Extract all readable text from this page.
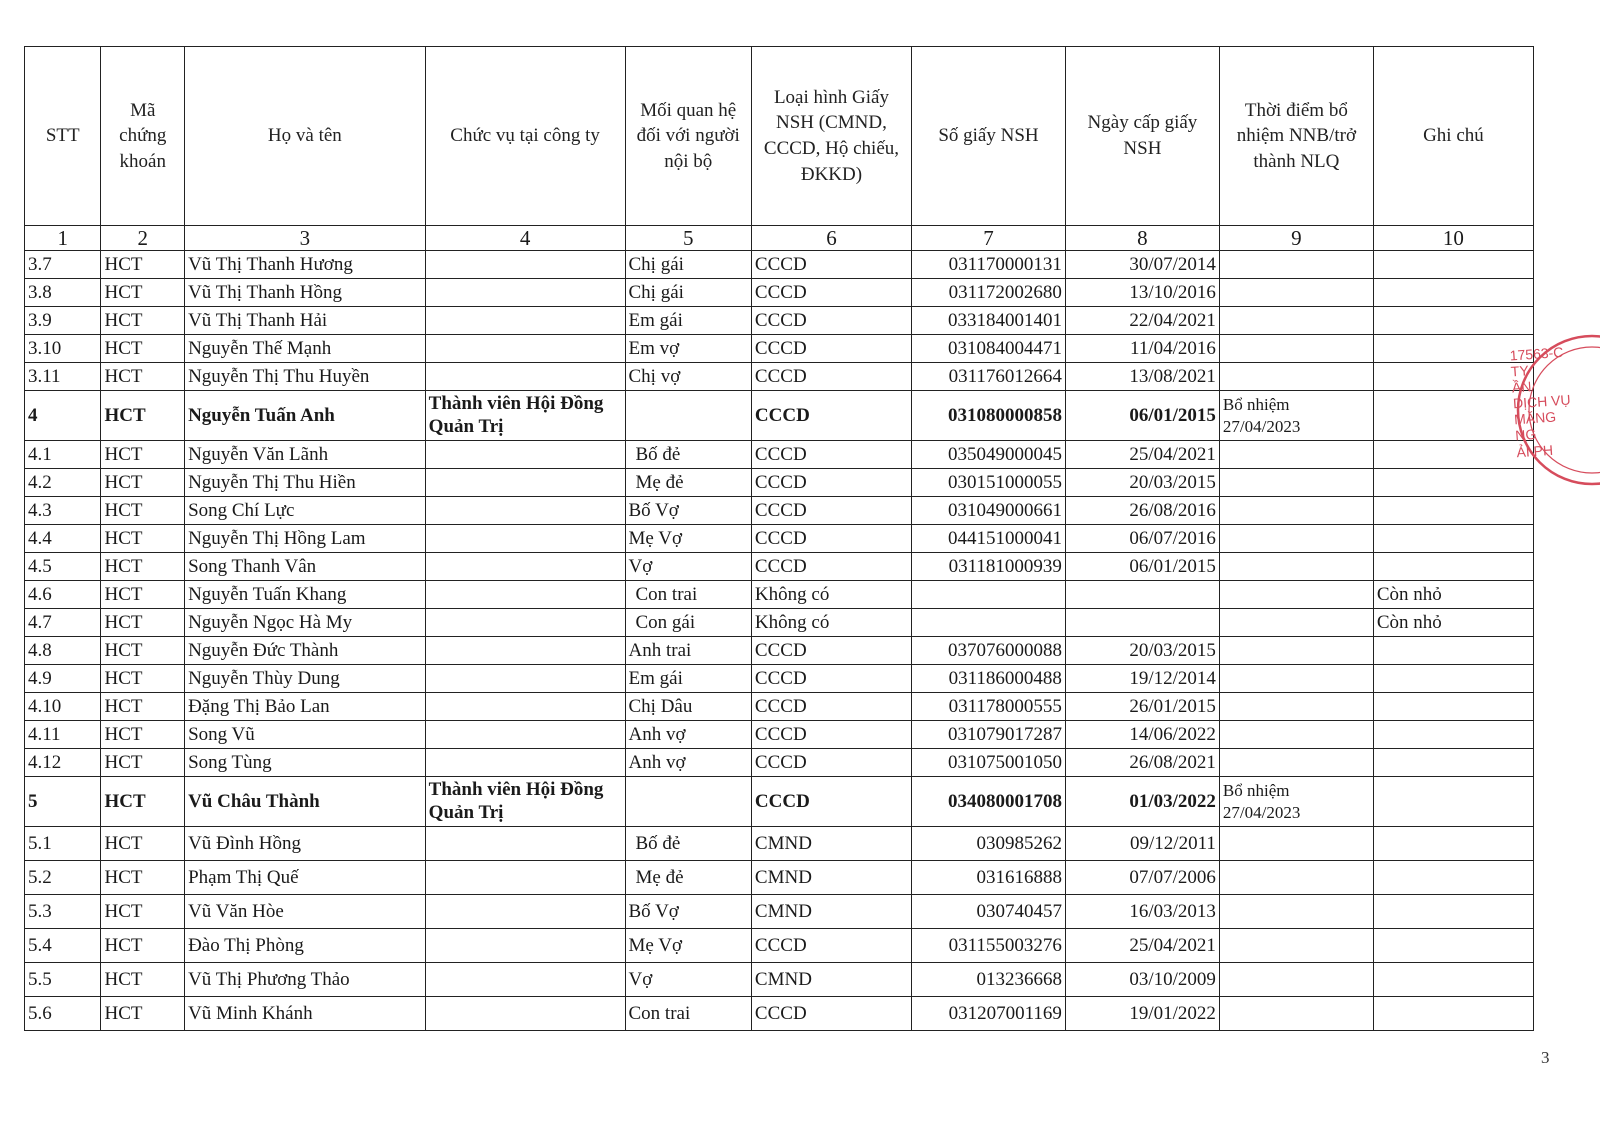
STT	Mã chứng khoán	Họ và tên	Chức vụ tại công ty	Mối quan hệ đối với người nội bộ	Loại hình Giấy NSH (CMND, CCCD, Hộ chiếu, ĐKKD)	Số giấy NSH	Ngày cấp giấy NSH	Thời điểm bổ nhiệm NNB/trở thành NLQ	Ghi chú
1	2	3	4	5	6	7	8	9	10
3.7	HCT	Vũ Thị Thanh Hương		Chị gái	CCCD	031170000131	30/07/2014		
3.8	HCT	Vũ Thị Thanh Hồng		Chị gái	CCCD	031172002680	13/10/2016		
3.9	HCT	Vũ Thị Thanh Hải		Em gái	CCCD	033184001401	22/04/2021		
3.10	HCT	Nguyễn Thế Mạnh		Em vợ	CCCD	031084004471	11/04/2016		
3.11	HCT	Nguyễn Thị Thu Huyền		Chị vợ	CCCD	031176012664	13/08/2021		
4	HCT	Nguyễn Tuấn Anh	Thành viên Hội Đồng Quản Trị		CCCD	031080000858	06/01/2015	Bổ nhiệm 27/04/2023	
4.1	HCT	Nguyễn Văn Lãnh		Bố đẻ	CCCD	035049000045	25/04/2021		
4.2	HCT	Nguyễn Thị Thu Hiền		Mẹ đẻ	CCCD	030151000055	20/03/2015		
4.3	HCT	Song Chí Lực		Bố Vợ	CCCD	031049000661	26/08/2016		
4.4	HCT	Nguyễn Thị Hồng Lam		Mẹ Vợ	CCCD	044151000041	06/07/2016		
4.5	HCT	Song Thanh Vân		Vợ	CCCD	031181000939	06/01/2015		
4.6	HCT	Nguyễn Tuấn Khang		Con trai	Không có				Còn nhỏ
4.7	HCT	Nguyễn Ngọc Hà My		Con gái	Không có				Còn nhỏ
4.8	HCT	Nguyễn Đức Thành		Anh trai	CCCD	037076000088	20/03/2015		
4.9	HCT	Nguyễn Thùy Dung		Em gái	CCCD	031186000488	19/12/2014		
4.10	HCT	Đặng Thị Bảo Lan		Chị Dâu	CCCD	031178000555	26/01/2015		
4.11	HCT	Song Vũ		Anh vợ	CCCD	031079017287	14/06/2022		
4.12	HCT	Song Tùng		Anh vợ	CCCD	031075001050	26/08/2021		
5	HCT	Vũ Châu Thành	Thành viên Hội Đồng Quản Trị		CCCD	034080001708	01/03/2022	Bổ nhiệm 27/04/2023	
5.1	HCT	Vũ Đình Hồng		Bố đẻ	CMND	030985262	09/12/2011		
5.2	HCT	Phạm Thị Quế		Mẹ đẻ	CMND	031616888	07/07/2006		
5.3	HCT	Vũ Văn Hòe		Bố Vợ	CMND	030740457	16/03/2013		
5.4	HCT	Đào Thị Phòng		Mẹ Vợ	CCCD	031155003276	25/04/2021		
5.5	HCT	Vũ Thị Phương Thảo		Vợ	CMND	013236668	03/10/2009		
5.6	HCT	Vũ Minh Khánh		Con trai	CCCD	031207001169	19/01/2022		
17563-C
TY
ẦN
DỊCH VỤ
MĂNG
NG
ẢI PH
3
